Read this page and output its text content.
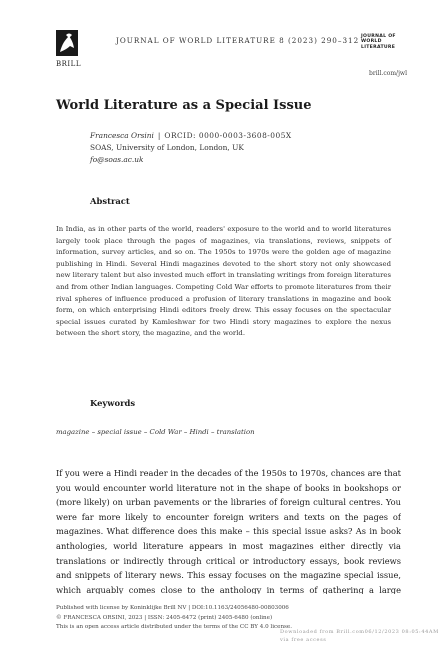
BRILL
JOURNAL OF WORLD LITERATURE 8 (2023) 290–312 JOURNAL OF
WORLD LITERATURE
brill.com/jwl
World Literature as a Special Issue
Francesca Orsini | ORCID: 0000-0003-3608-005X
SOAS, University of London, London, UK
fo@soas.ac.uk
Abstract
In India, as in other parts of the world, readers' exposure to the world and to world literatures largely took place through the pages of magazines, via translations, reviews, snippets of information, survey articles, and so on. The 1950s to 1970s were the golden age of magazine publishing in Hindi. Several Hindi magazines devoted to the short story not only showcased new literary talent but also invested much effort in translating writings from foreign literatures and from other Indian languages. Competing Cold War efforts to promote literatures from their rival spheres of influence produced a profusion of literary translations in magazine and book form, on which enterprising Hindi editors freely drew. This essay focuses on the spectacular special issues curated by Kamleshwar for two Hindi story magazines to explore the nexus between the short story, the magazine, and the world.
Keywords
magazine – special issue – Cold War – Hindi – translation
If you were a Hindi reader in the decades of the 1950s to 1970s, chances are that you would encounter world literature not in the shape of books in bookshops or (more likely) on urban pavements or the libraries of foreign cultural centres. You were far more likely to encounter foreign writers and texts on the pages of magazines. What difference does this make – this special issue asks? As in book anthologies, world literature appears in most magazines either directly via translations or indirectly through critical or introductory essays, book reviews and snippets of literary news. This essay focuses on the magazine special issue, which arguably comes close to the anthology in terms of gathering a large
Published with license by Koninklijke Brill NV | DOI:10.1163/24056480-00803006
© FRANCESCA ORSINI, 2023 | ISSN: 2405-6472 (print) 2405-6480 (online)
This is an open access article distributed under the terms of the CC BY 4.0 license.
Downloaded from Brill.com06/12/2023 08:05:44AM
via free access
